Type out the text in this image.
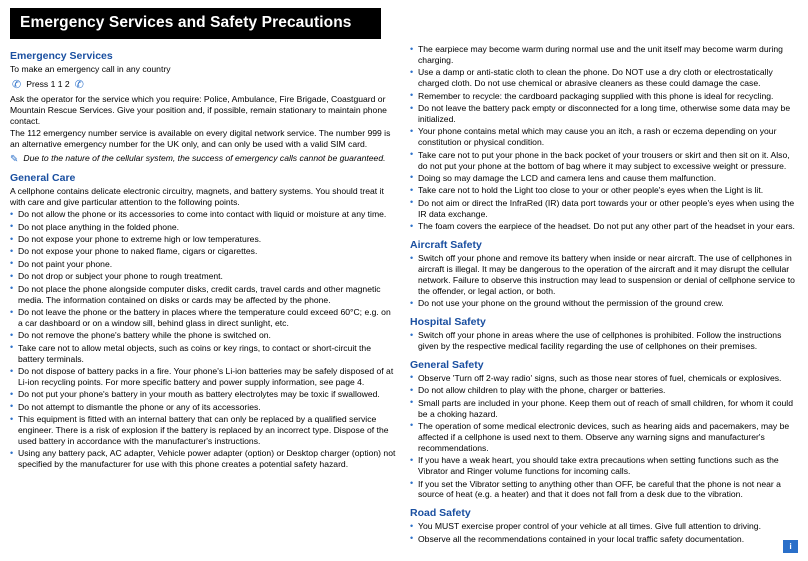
Emergency Services and Safety Precautions
Emergency Services

To make an emergency call in any country

✆ Press 1 1 2 ✆

Ask the operator for the service which you require: Police, Ambulance, Fire Brigade, Coastguard or Mountain Rescue Services. Give your position and, if possible, remain stationary to maintain phone contact.

The 112 emergency number service is available on every digital network service. The number 999 is an alternative emergency number for the UK only, and can only be used with a valid SIM card.

✎ Due to the nature of the cellular system, the success of emergency calls cannot be guaranteed.
General Care

A cellphone contains delicate electronic circuitry, magnets, and battery systems. You should treat it with care and give particular attention to the following points.

• Do not allow the phone or its accessories to come into contact with liquid or moisture at any time.
• Do not place anything in the folded phone.
• Do not expose your phone to extreme high or low temperatures.
• Do not expose your phone to naked flame, cigars or cigarettes.
• Do not paint your phone.
• Do not drop or subject your phone to rough treatment.
• Do not place the phone alongside computer disks, credit cards, travel cards and other magnetic media. The information contained on disks or cards may be affected by the phone.
• Do not leave the phone or the battery in places where the temperature could exceed 60°C; e.g. on a car dashboard or on a window sill, behind glass in direct sunlight, etc.
• Do not remove the phone's battery while the phone is switched on.
• Take care not to allow metal objects, such as coins or key rings, to contact or short-circuit the battery terminals.
• Do not dispose of battery packs in a fire. Your phone's Li-ion batteries may be safely disposed of at Li-ion recycling points. For more specific battery and power supply information, see page 4.
• Do not put your phone's battery in your mouth as battery electrolytes may be toxic if swallowed.
• Do not attempt to dismantle the phone or any of its accessories.
• This equipment is fitted with an internal battery that can only be replaced by a qualified service engineer. There is a risk of explosion if the battery is replaced by an incorrect type. Dispose of the used battery in accordance with the manufacturer's instructions.
• Using any battery pack, AC adapter, Vehicle power adapter (option) or Desktop charger (option) not specified by the manufacturer for use with this phone creates a potential safety hazard.
• The earpiece may become warm during normal use and the unit itself may become warm during charging.
• Use a damp or anti-static cloth to clean the phone. Do NOT use a dry cloth or electrostatically charged cloth. Do not use chemical or abrasive cleaners as these could damage the case.
• Remember to recycle: the cardboard packaging supplied with this phone is ideal for recycling.
• Do not leave the battery pack empty or disconnected for a long time, otherwise some data may be initialized.
• Your phone contains metal which may cause you an itch, a rash or eczema depending on your constitution or physical condition.
• Take care not to put your phone in the back pocket of your trousers or skirt and then sit on it. Also, do not put your phone at the bottom of bag where it may subject to excessive weight or pressure.
• Doing so may damage the LCD and camera lens and cause them malfunction.
• Take care not to hold the Light too close to your or other people's eyes when the Light is lit.
• Do not aim or direct the InfraRed (IR) data port towards your or other people's eyes when using the IR data exchange.
• The foam covers the earpiece of the headset. Do not put any other part of the headset in your ears.
Aircraft Safety
• Switch off your phone and remove its battery when inside or near aircraft. The use of cellphones in aircraft is illegal. It may be dangerous to the operation of the aircraft and it may disrupt the cellular network. Failure to observe this instruction may lead to suspension or denial of cellphone service to the offender, or legal action, or both.
• Do not use your phone on the ground without the permission of the ground crew.
Hospital Safety
• Switch off your phone in areas where the use of cellphones is prohibited. Follow the instructions given by the respective medical facility regarding the use of cellphones on their premises.
General Safety
• Observe 'Turn off 2-way radio' signs, such as those near stores of fuel, chemicals or explosives.
• Do not allow children to play with the phone, charger or batteries.
• Small parts are included in your phone. Keep them out of reach of small children, for whom it could be a choking hazard.
• The operation of some medical electronic devices, such as hearing aids and pacemakers, may be affected if a cellphone is used next to them. Observe any warning signs and manufacturer's recommendations.
• If you have a weak heart, you should take extra precautions when setting functions such as the Vibrator and Ringer volume functions for incoming calls.
• If you set the Vibrator setting to anything other than OFF, be careful that the phone is not near a source of heat (e.g. a heater) and that it does not fall from a desk due to the vibration.
Road Safety
• You MUST exercise proper control of your vehicle at all times. Give full attention to driving.
• Observe all the recommendations contained in your local traffic safety documentation.
i
